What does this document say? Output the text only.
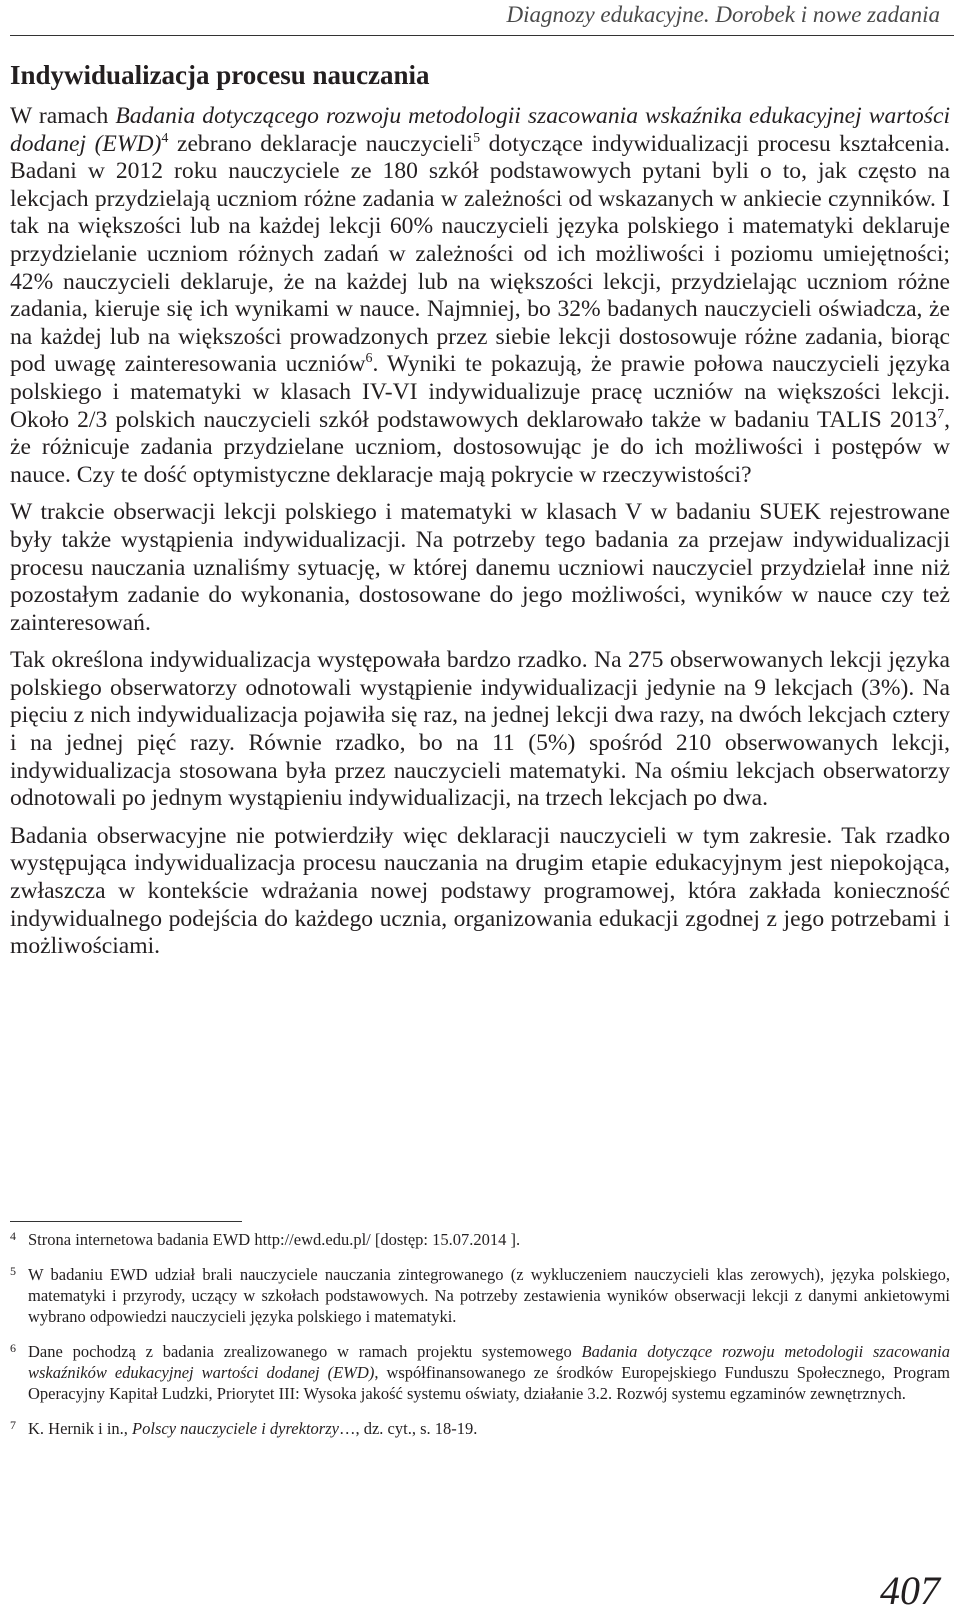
Diagnozy edukacyjne. Dorobek i nowe zadania
Indywidualizacja procesu nauczania

W ramach Badania dotyczącego rozwoju metodologii szacowania wskaźnika edukacyjnej wartości dodanej (EWD)$^4$ zebrano deklaracje nauczycieli$^5$ dotyczące indywidualizacji procesu kształcenia. Badani w 2012 roku nauczyciele ze 180 szkół podstawowych pytani byli o to, jak często na lekcjach przydzielają uczniom różne zadania w zależności od wskazanych w ankiecie czynników. I tak na większości lub na każdej lekcji 60% nauczycieli języka polskiego i matematyki deklaruje przydzielanie uczniom różnych zadań w zależności od ich możliwości i poziomu umiejętności; 42% nauczycieli deklaruje, że na każdej lub na większości lekcji, przydzielając uczniom różne zadania, kieruje się ich wynikami w nauce. Najmniej, bo 32% badanych nauczycieli oświadcza, że na każdej lub na większości prowadzonych przez siebie lekcji dostosowuje różne zadania, biorąc pod uwagę zainteresowania uczniów$^6$. Wyniki te pokazują, że prawie połowa nauczycieli języka polskiego i matematyki w klasach IV-VI indywidualizuje pracę uczniów na większości lekcji. Około 2/3 polskich nauczycieli szkół podstawowych deklarowało także w badaniu TALIS 2013$^7$, że różnicuje zadania przydzielane uczniom, dostosowując je do ich możliwości i postępów w nauce. Czy te dość optymistyczne deklaracje mają pokrycie w rzeczywistości?

W trakcie obserwacji lekcji polskiego i matematyki w klasach V w badaniu SUEK rejestrowane były także wystąpienia indywidualizacji. Na potrzeby tego badania za przejaw indywidualizacji procesu nauczania uznaliśmy sytuację, w której danemu uczniowi nauczyciel przydzielał inne niż pozostałym zadanie do wykonania, dostosowane do jego możliwości, wyników w nauce czy też zainteresowań.

Tak określona indywidualizacja występowała bardzo rzadko. Na 275 obserwowanych lekcji języka polskiego obserwatorzy odnotowali wystąpienie indywidualizacji jedynie na 9 lekcjach (3%). Na pięciu z nich indywidualizacja pojawiła się raz, na jednej lekcji dwa razy, na dwóch lekcjach cztery i na jednej pięć razy. Równie rzadko, bo na 11 (5%) spośród 210 obserwowanych lekcji, indywidualizacja stosowana była przez nauczycieli matematyki. Na ośmiu lekcjach obserwatorzy odnotowali po jednym wystąpieniu indywidualizacji, na trzech lekcjach po dwa.

Badania obserwacyjne nie potwierdziły więc deklaracji nauczycieli w tym zakresie. Tak rzadko występująca indywidualizacja procesu nauczania na drugim etapie edukacyjnym jest niepokojąca, zwłaszcza w kontekście wdrażania nowej podstawy programowej, która zakłada konieczność indywidualnego podejścia do każdego ucznia, organizowania edukacji zgodnej z jego potrzebami i możliwościami.

4 Strona internetowa badania EWD http://ewd.edu.pl/ [dostęp: 15.07.2014 ].
5 W badaniu EWD udział brali nauczyciele nauczania zintegrowanego (z wykluczeniem nauczycieli klas zerowych), języka polskiego, matematyki i przyrody, uczący w szkołach podstawowych. Na potrzeby zestawienia wyników obserwacji lekcji z danymi ankietowymi wybrano odpowiedzi nauczycieli języka polskiego i matematyki.
6 Dane pochodzą z badania zrealizowanego w ramach projektu systemowego Badania dotyczące rozwoju metodologii szacowania wskaźników edukacyjnej wartości dodanej (EWD), współfinansowanego ze środków Europejskiego Funduszu Społecznego, Program Operacyjny Kapitał Ludzki, Priorytet III: Wysoka jakość systemu oświaty, działanie 3.2. Rozwój systemu egzaminów zewnętrznych.
7 K. Hernik i in., Polscy nauczyciele i dyrektorzy…, dz. cyt., s. 18-19.
407
